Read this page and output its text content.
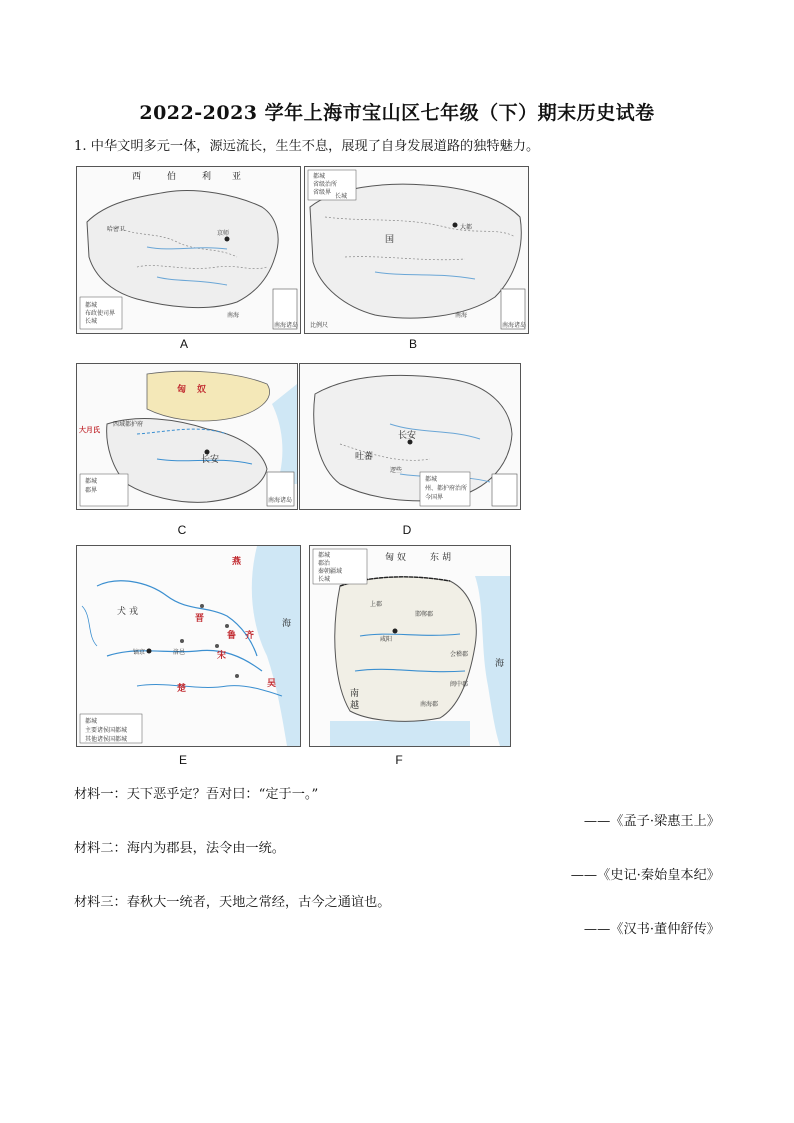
2022-2023 学年上海市宝山区七年级（下）期末历史试卷
1. 中华文明多元一体，源远流长，生生不息，展现了自身发展道路的独特魅力。
西	伯	利 亚
京师
都城
布政使司界
长城
哈密卫
南海
南海诸岛
A
国
大都
都城
省级治所
省级界
长城
南海
南海诸岛
比例尺
B
匈 奴
长安
大月氏
西域都护府
都城
郡界
南海诸岛
C
长安
吐蕃
逻些
都城
州、都护府治所
今国界
D
犬 戎
镐京	洛邑
燕
晋
齐
鲁
宋
吴
楚
海
都城
主要诸侯国都城
其他诸侯国都城
E
匈 奴	东 胡
咸阳
上郡
邯郸郡
南海郡
会稽郡
闽中郡
南
越
海
都城
郡治
秦朝疆域
长城
F
材料一：天下恶乎定？吾对曰：“定于一。”
——《孟子·梁惠王上》
材料二：海内为郡县，法令由一统。
——《史记·秦始皇本纪》
材料三：春秋大一统者，天地之常经，古今之通谊也。
——《汉书·董仲舒传》
